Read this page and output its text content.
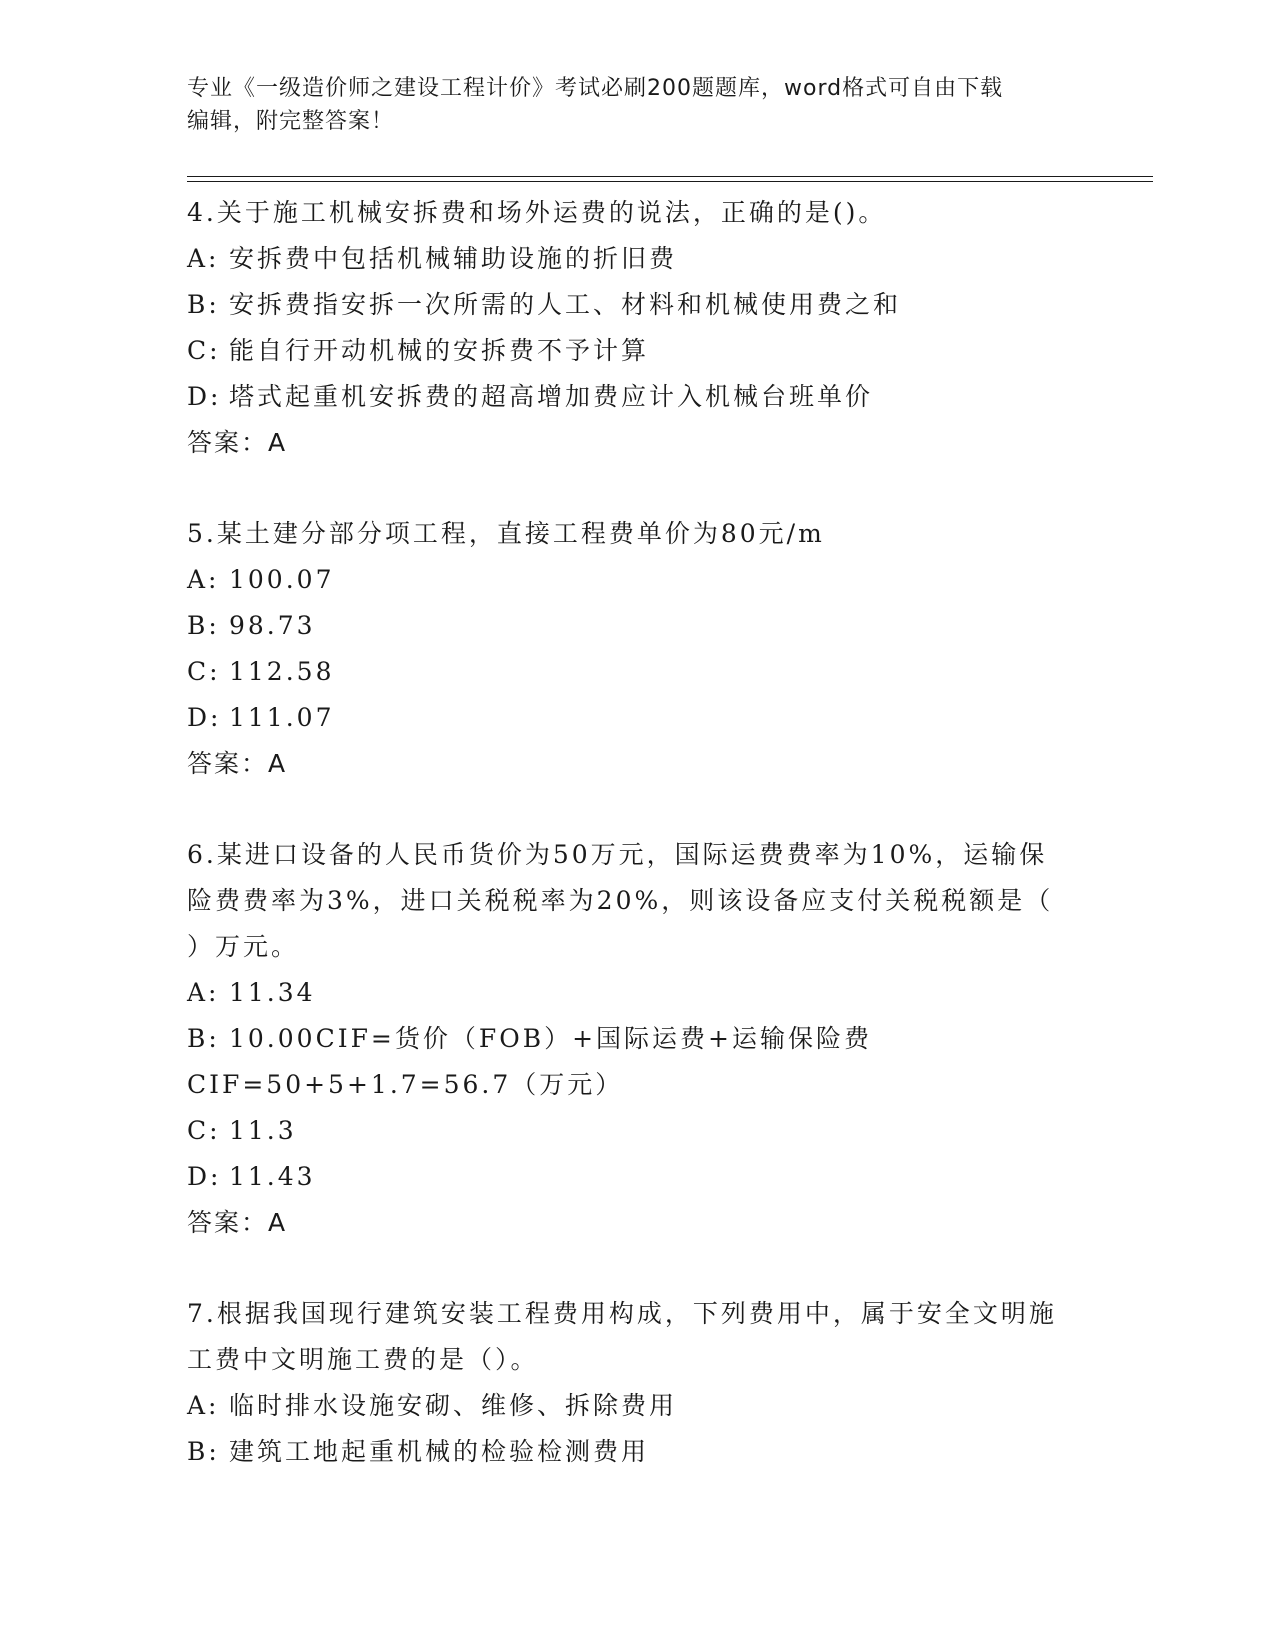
专业《一级造价师之建设工程计价》考试必刷200题题库，word格式可自由下载
编辑，附完整答案！
4.关于施工机械安拆费和场外运费的说法，正确的是()。
A: 安拆费中包括机械辅助设施的折旧费
B: 安拆费指安拆一次所需的人工、材料和机械使用费之和
C: 能自行开动机械的安拆费不予计算
D: 塔式起重机安拆费的超高增加费应计入机械台班单价
答案：A
5.某土建分部分项工程，直接工程费单价为80元/m
A: 100.07
B: 98.73
C: 112.58
D: 111.07
答案：A
6.某进口设备的人民币货价为50万元，国际运费费率为10%，运输保险费费率为3%，进口关税税率为20%，则该设备应支付关税税额是（ ）万元。
A: 11.34
B: 10.00CIF=货价（FOB）+国际运费+运输保险费CIF=50+5+1.7=56.7（万元）
C: 11.3
D: 11.43
答案：A
7.根据我国现行建筑安装工程费用构成，下列费用中，属于安全文明施工费中文明施工费的是（）。
A: 临时排水设施安砌、维修、拆除费用
B: 建筑工地起重机械的检验检测费用
